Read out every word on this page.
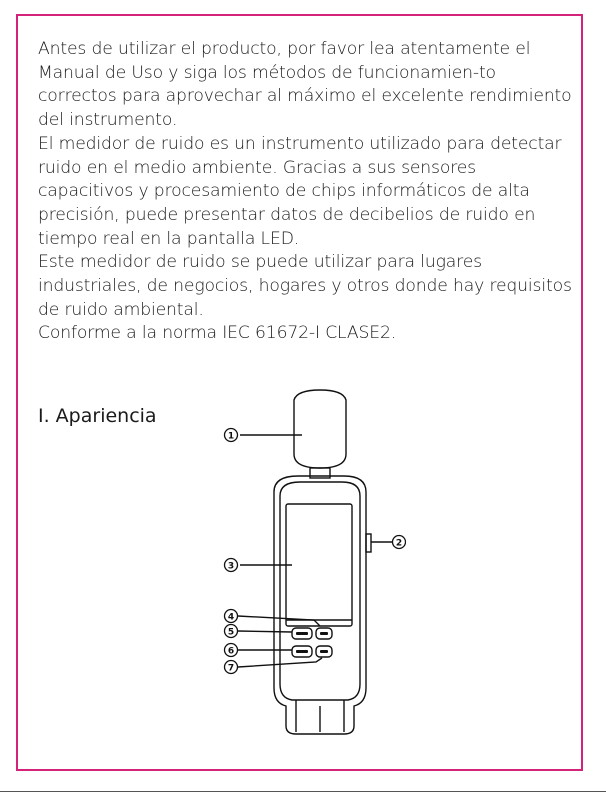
Antes de utilizar el producto, por favor lea atentamente el Manual de Uso y siga los métodos de funcionamien-to correctos para aprovechar al máximo el excelente rendimiento del instrumento.

El medidor de ruido es un instrumento utilizado para detectar ruido en el medio ambiente. Gracias a sus sensores capacitivos y procesamiento de chips informáticos de alta precisión, puede presentar datos de decibelios de ruido en tiempo real en la pantalla LED.

Este medidor de ruido se puede utilizar para lugares industriales, de negocios, hogares y otros donde hay requisitos de ruido ambiental.

Conforme a la norma IEC 61672-I CLASE2.

I. Apariencia
1
2
3
4
5
6
7
